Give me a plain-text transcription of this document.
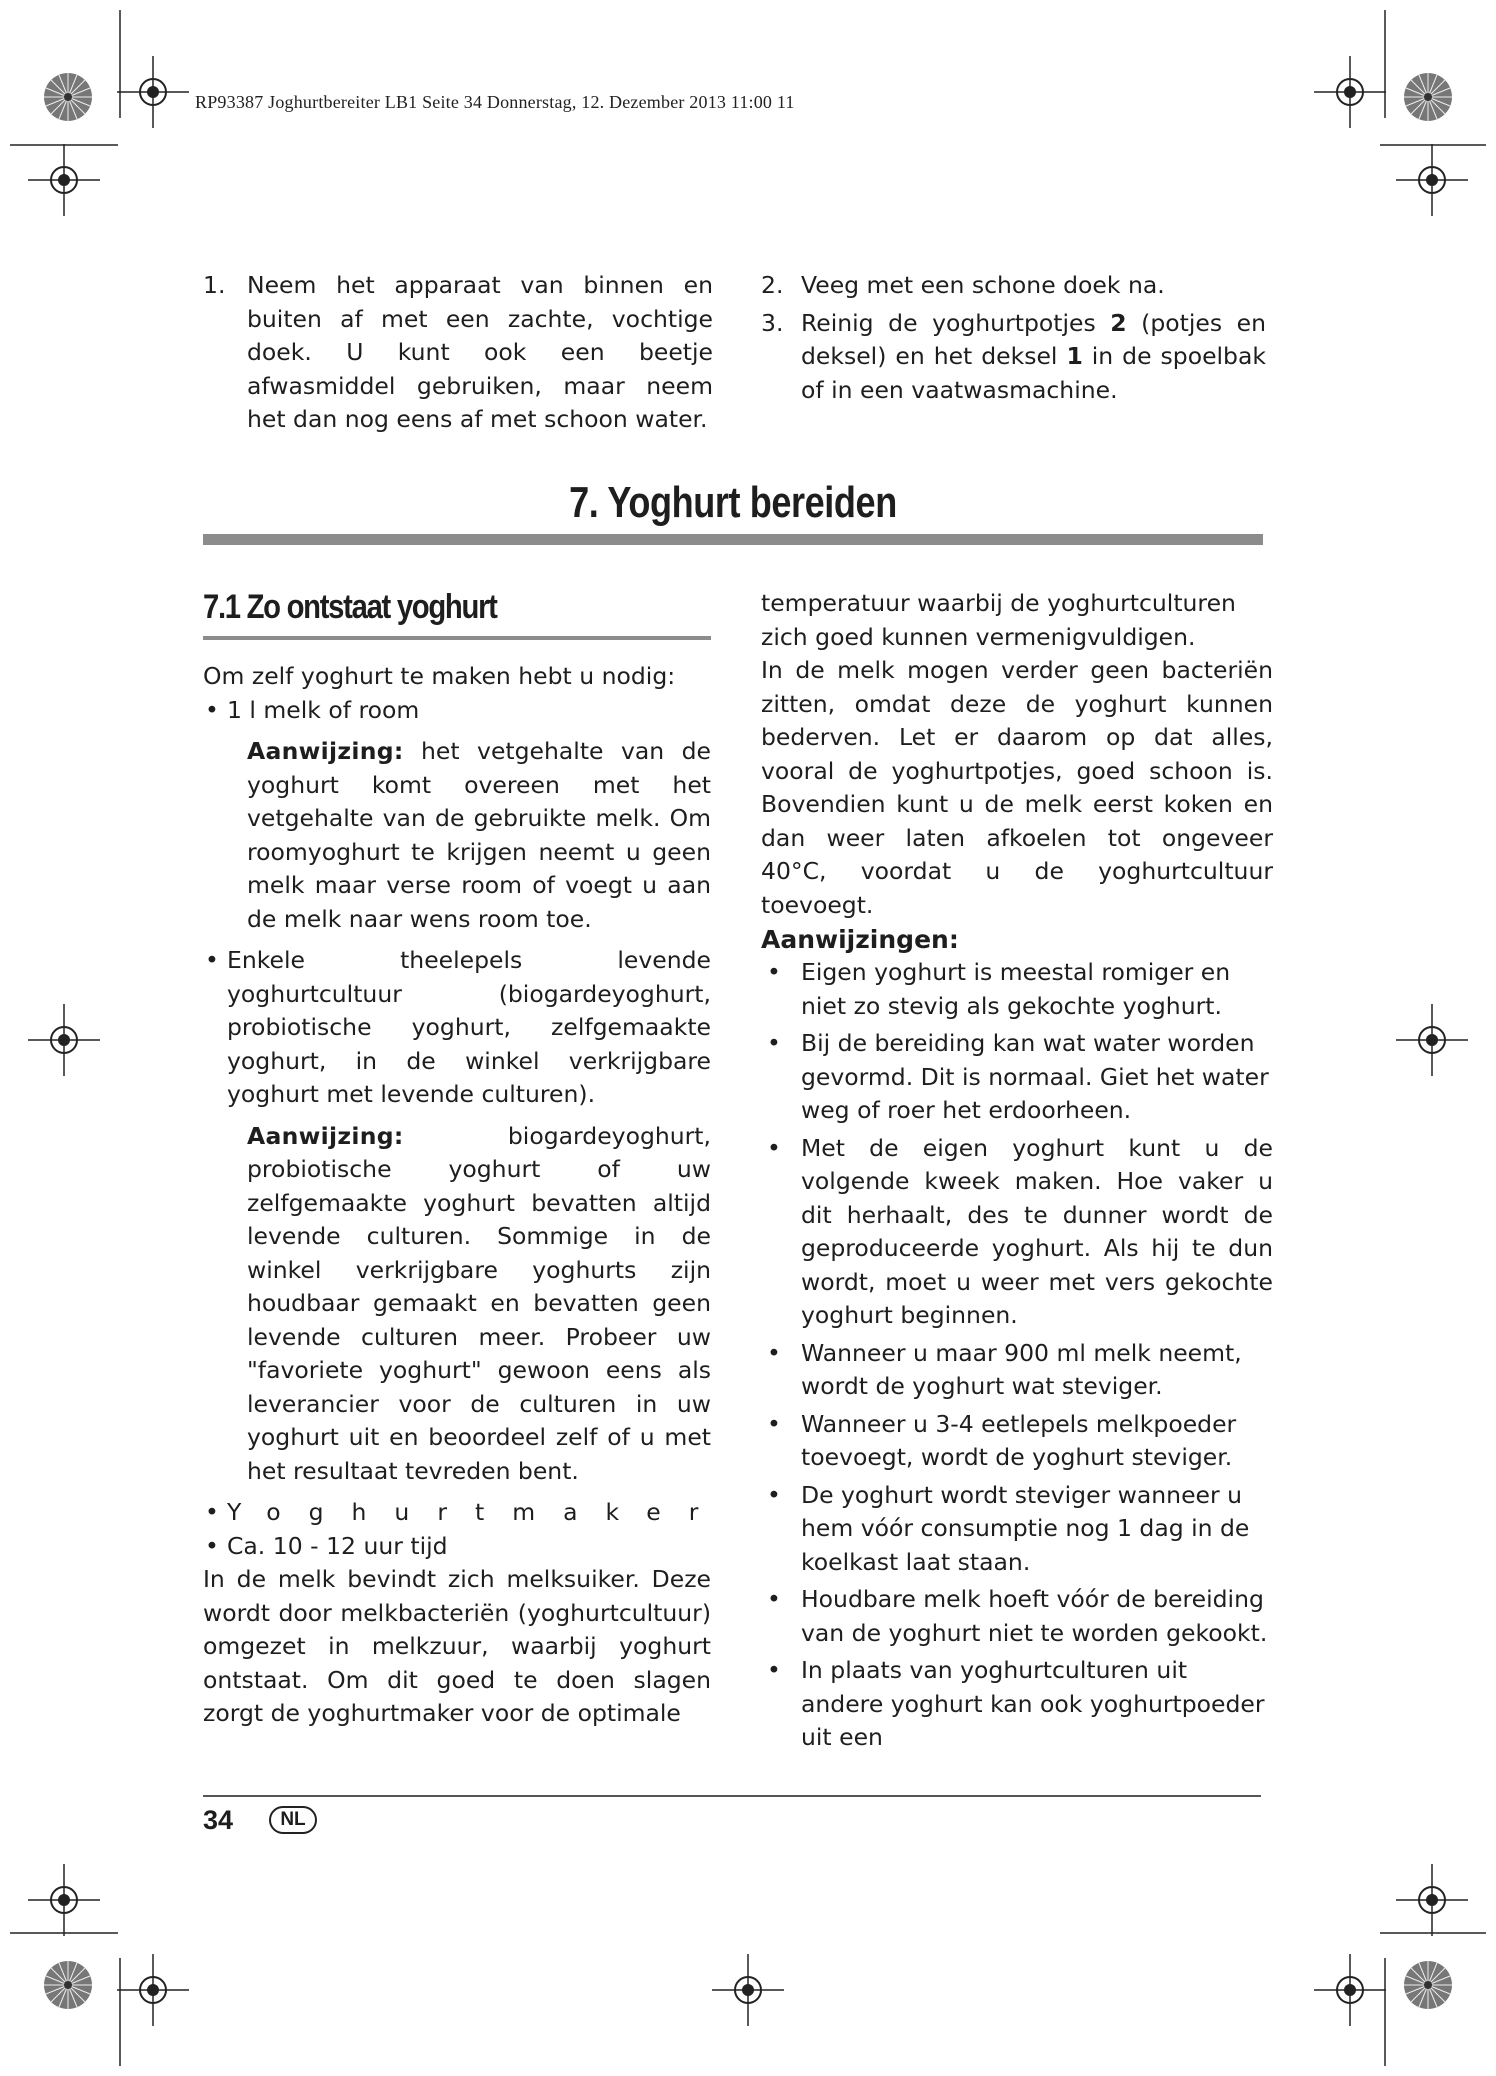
RP93387 Joghurtbereiter LB1 Seite 34 Donnerstag, 12. Dezember 2013 11:00 11
1. Neem het apparaat van binnen en buiten af met een zachte, vochtige doek. U kunt ook een beetje afwasmiddel gebruiken, maar neem het dan nog eens af met schoon water.
2. Veeg met een schone doek na.
3. Reinig de yoghurtpotjes 2 (potjes en deksel) en het deksel 1 in de spoelbak of in een vaatwasmachine.
7. Yoghurt bereiden
7.1 Zo ontstaat yoghurt

Om zelf yoghurt te maken hebt u nodig:

• 1 l melk of room

Aanwijzing: het vetgehalte van de yoghurt komt overeen met het vetgehalte van de gebruikte melk. Om roomyoghurt te krijgen neemt u geen melk maar verse room of voegt u aan de melk naar wens room toe.

• Enkele theelepels levende yoghurtcultuur (biogardeyoghurt, probiotische yoghurt, zelfgemaakte yoghurt, in de winkel verkrijgbare yoghurt met levende culturen).

Aanwijzing: biogardeyoghurt, probiotische yoghurt of uw zelfgemaakte yoghurt bevatten altijd levende culturen. Sommige in de winkel verkrijgbare yoghurts zijn houdbaar gemaakt en bevatten geen levende culturen meer. Probeer uw "favoriete yoghurt" gewoon eens als leverancier voor de culturen in uw yoghurt uit en beoordeel zelf of u met het resultaat tevreden bent.

• Yoghurtmaker
• Ca. 10 - 12 uur tijd

In de melk bevindt zich melksuiker. Deze wordt door melkbacteriën (yoghurtcultuur) omgezet in melkzuur, waarbij yoghurt ontstaat. Om dit goed te doen slagen zorgt de yoghurtmaker voor de optimale

temperatuur waarbij de yoghurtculturen zich goed kunnen vermenigvuldigen.

In de melk mogen verder geen bacteriën zitten, omdat deze de yoghurt kunnen bederven. Let er daarom op dat alles, vooral de yoghurtpotjes, goed schoon is. Bovendien kunt u de melk eerst koken en dan weer laten afkoelen tot ongeveer 40°C, voordat u de yoghurtcultuur toevoegt.

Aanwijzingen:

• Eigen yoghurt is meestal romiger en niet zo stevig als gekochte yoghurt.
• Bij de bereiding kan wat water worden gevormd. Dit is normaal. Giet het water weg of roer het erdoorheen.
• Met de eigen yoghurt kunt u de volgende kweek maken. Hoe vaker u dit herhaalt, des te dunner wordt de geproduceerde yoghurt. Als hij te dun wordt, moet u weer met vers gekochte yoghurt beginnen.
• Wanneer u maar 900 ml melk neemt, wordt de yoghurt wat steviger.
• Wanneer u 3-4 eetlepels melkpoeder toevoegt, wordt de yoghurt steviger.
• De yoghurt wordt steviger wanneer u hem vóór consumptie nog 1 dag in de koelkast laat staan.
• Houdbare melk hoeft vóór de bereiding van de yoghurt niet te worden gekookt.
• In plaats van yoghurtculturen uit andere yoghurt kan ook yoghurtpoeder uit een
34	NL
